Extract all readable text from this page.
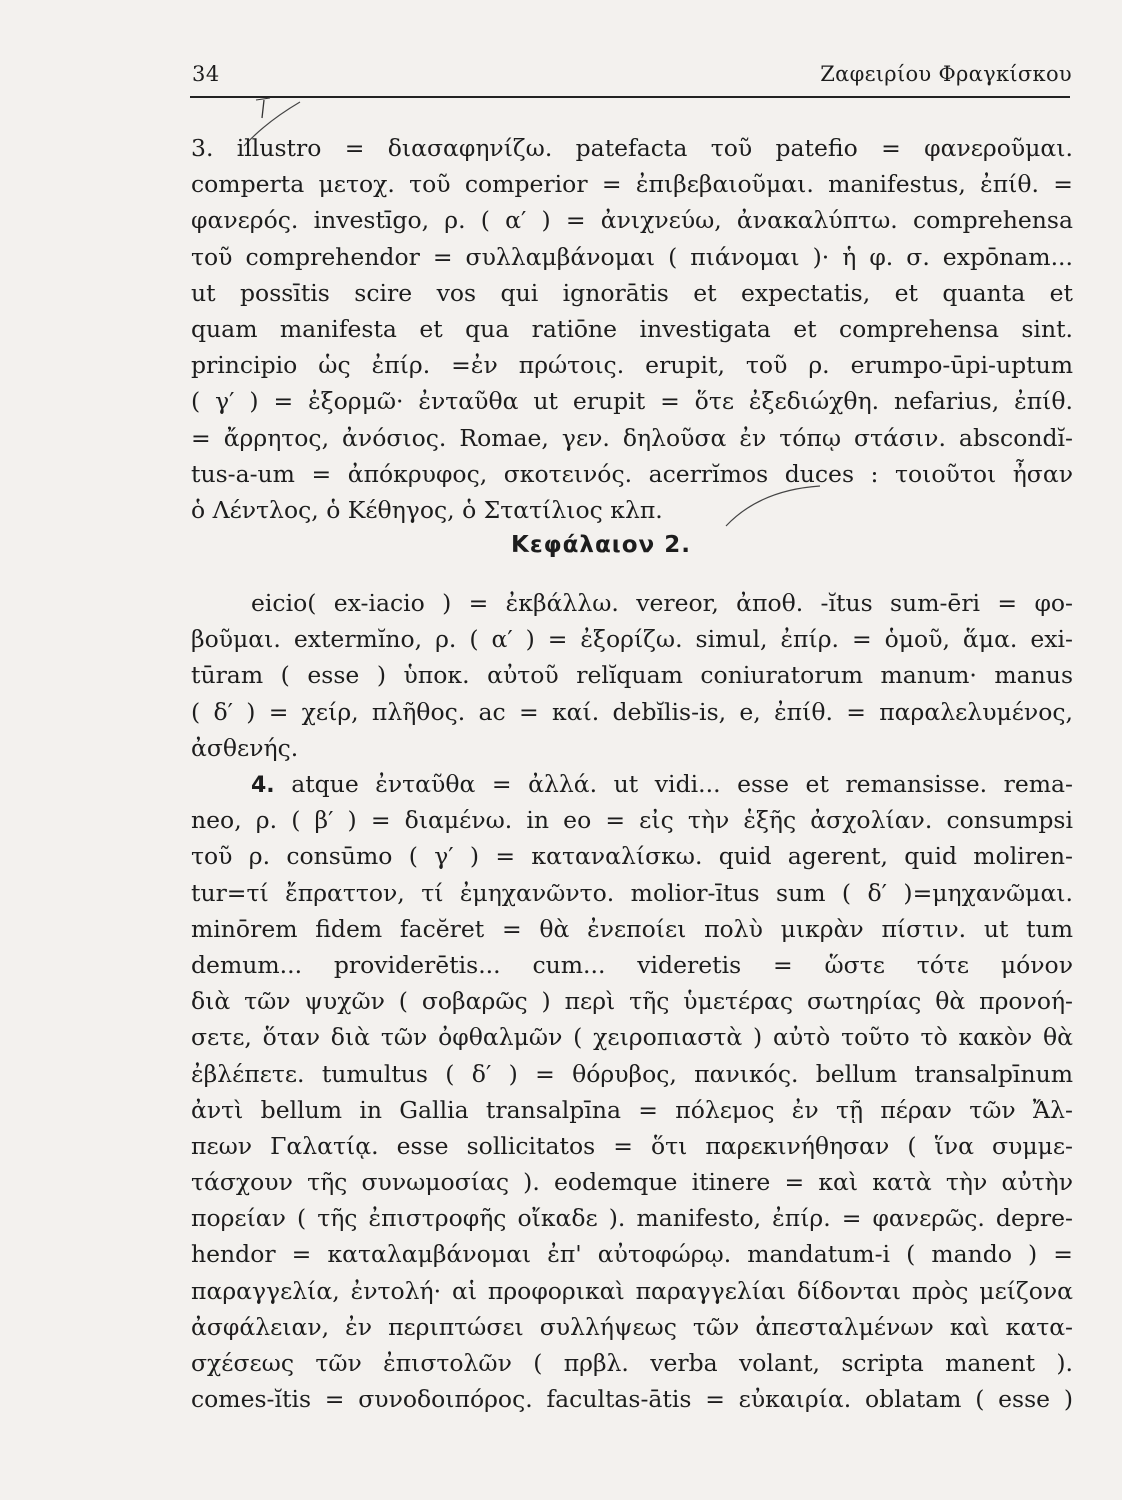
34	Ζαφειρίου Φραγκίσκου
3. illustro = διασαφηνίζω. patefacta τοῦ patefio = φανεροῦμαι.
comperta μετοχ. τοῦ comperior = ἐπιβεβαιοῦμαι. manifestus, ἐπίθ. =
φανερός. investīgo, ρ. ( α′ ) = ἀνιχνεύω, ἀνακαλύπτω. comprehensa
τοῦ comprehendor = συλλαμβάνομαι ( πιάνομαι )· ἡ φ. σ. expōnam...
ut possītis scire vos qui ignorātis et expectatis, et quanta et
quam manifesta et qua ratiōne investigata et comprehensa sint.
principio ὡς ἐπίρ. =ἐν πρώτοις. erupit, τοῦ ρ. erumpo-ūpi-uptum
( γ′ ) = ἐξορμῶ· ἐνταῦθα ut erupit = ὅτε ἐξεδιώχθη. nefarius, ἐπίθ.
= ἄρρητος, ἀνόσιος. Romae, γεν. δηλοῦσα ἐν τόπῳ στάσιν. abscondĭ-
tus-a-um = ἀπόκρυφος, σκοτεινός. acerrĭmos duces : τοιοῦτοι ἦσαν
ὁ Λέντλος, ὁ Κέθηγος, ὁ Στατίλιος κλπ.
Κεφάλαιον 2.
eicio( ex-iacio ) = ἐκβάλλω. vereor, ἀποθ. -ĭtus sum-ēri = φο-
βοῦμαι. extermĭno, ρ. ( α′ ) = ἐξορίζω. simul, ἐπίρ. = ὁμοῦ, ἅμα. exi-
tūram ( esse ) ὑποκ. αὐτοῦ relĭquam coniuratorum manum· manus
( δ′ ) = χείρ, πλῆθος. ac = καί. debĭlis-is, e, ἐπίθ. = παραλελυμένος,
ἀσθενής.
4. atque ἐνταῦθα = ἀλλά. ut vidi... esse et remansisse. rema-
neo, ρ. ( β′ ) = διαμένω. in eo = εἰς τὴν ἑξῆς ἀσχολίαν. consumpsi
τοῦ ρ. consūmo ( γ′ ) = καταναλίσκω. quid agerent, quid moliren-
tur=τί ἔπραττον, τί ἐμηχανῶντο. molior-ītus sum ( δ′ )=μηχανῶμαι.
minōrem fidem facĕret = θὰ ἐνεποίει πολὺ μικρὰν πίστιν. ut tum
demum... providerētis... cum... videretis = ὥστε τότε μόνον
διὰ τῶν ψυχῶν ( σοβαρῶς ) περὶ τῆς ὑμετέρας σωτηρίας θὰ προνοή-
σετε, ὅταν διὰ τῶν ὀφθαλμῶν ( χειροπιαστὰ ) αὐτὸ τοῦτο τὸ κακὸν θὰ
ἐβλέπετε. tumultus ( δ′ ) = θόρυβος, πανικός. bellum transalpīnum
ἀντὶ bellum in Gallia transalpīna = πόλεμος ἐν τῇ πέραν τῶν Ἄλ-
πεων Γαλατίᾳ. esse sollicitatos = ὅτι παρεκινήθησαν ( ἵνα συμμε-
τάσχουν τῆς συνωμοσίας ). eodemque itinere = καὶ κατὰ τὴν αὐτὴν
πορείαν ( τῆς ἐπιστροφῆς οἴκαδε ). manifesto, ἐπίρ. = φανερῶς. depre-
hendor = καταλαμβάνομαι ἐπ' αὐτοφώρῳ. mandatum-i ( mando ) =
παραγγελία, ἐντολή· αἱ προφορικαὶ παραγγελίαι δίδονται πρὸς μείζονα
ἀσφάλειαν, ἐν περιπτώσει συλλήψεως τῶν ἀπεσταλμένων καὶ κατα-
σχέσεως τῶν ἐπιστολῶν ( πρβλ. verba volant, scripta manent ).
comes-ĭtis = συνοδοιπόρος. facultas-ātis = εὐκαιρία. oblatam ( esse )
